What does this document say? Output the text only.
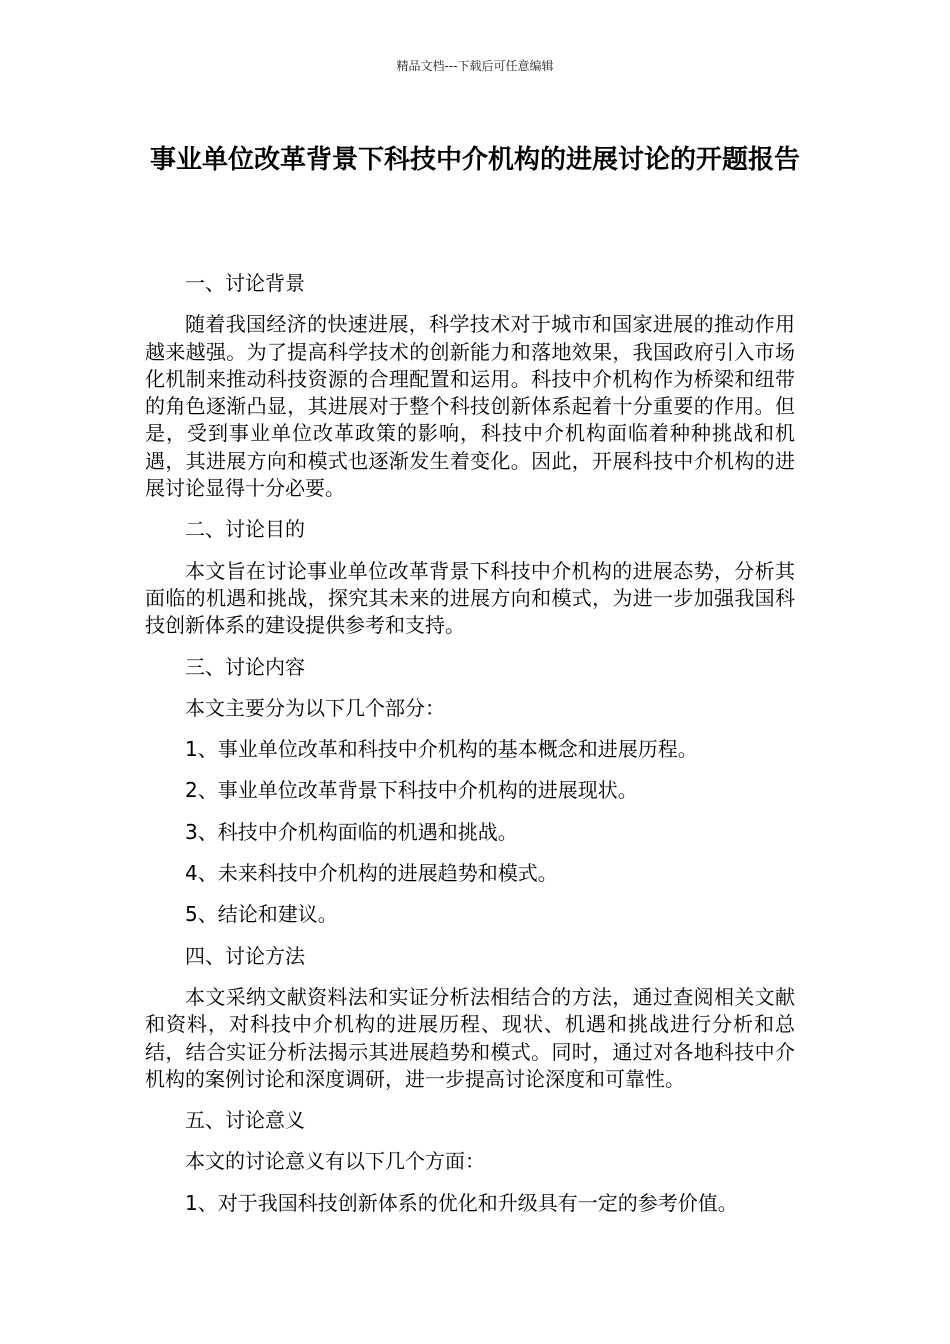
精品文档---下载后可任意编辑
事业单位改革背景下科技中介机构的进展讨论的开题报告

一、讨论背景

随着我国经济的快速进展，科学技术对于城市和国家进展的推动作用越来越强。为了提高科学技术的创新能力和落地效果，我国政府引入市场化机制来推动科技资源的合理配置和运用。科技中介机构作为桥梁和纽带的角色逐渐凸显，其进展对于整个科技创新体系起着十分重要的作用。但是，受到事业单位改革政策的影响，科技中介机构面临着种种挑战和机遇，其进展方向和模式也逐渐发生着变化。因此，开展科技中介机构的进展讨论显得十分必要。

二、讨论目的

本文旨在讨论事业单位改革背景下科技中介机构的进展态势，分析其面临的机遇和挑战，探究其未来的进展方向和模式，为进一步加强我国科技创新体系的建设提供参考和支持。

三、讨论内容

本文主要分为以下几个部分：

1、事业单位改革和科技中介机构的基本概念和进展历程。

2、事业单位改革背景下科技中介机构的进展现状。

3、科技中介机构面临的机遇和挑战。

4、未来科技中介机构的进展趋势和模式。

5、结论和建议。

四、讨论方法

本文采纳文献资料法和实证分析法相结合的方法，通过查阅相关文献和资料，对科技中介机构的进展历程、现状、机遇和挑战进行分析和总结，结合实证分析法揭示其进展趋势和模式。同时，通过对各地科技中介机构的案例讨论和深度调研，进一步提高讨论深度和可靠性。

五、讨论意义

本文的讨论意义有以下几个方面：

1、对于我国科技创新体系的优化和升级具有一定的参考价值。
